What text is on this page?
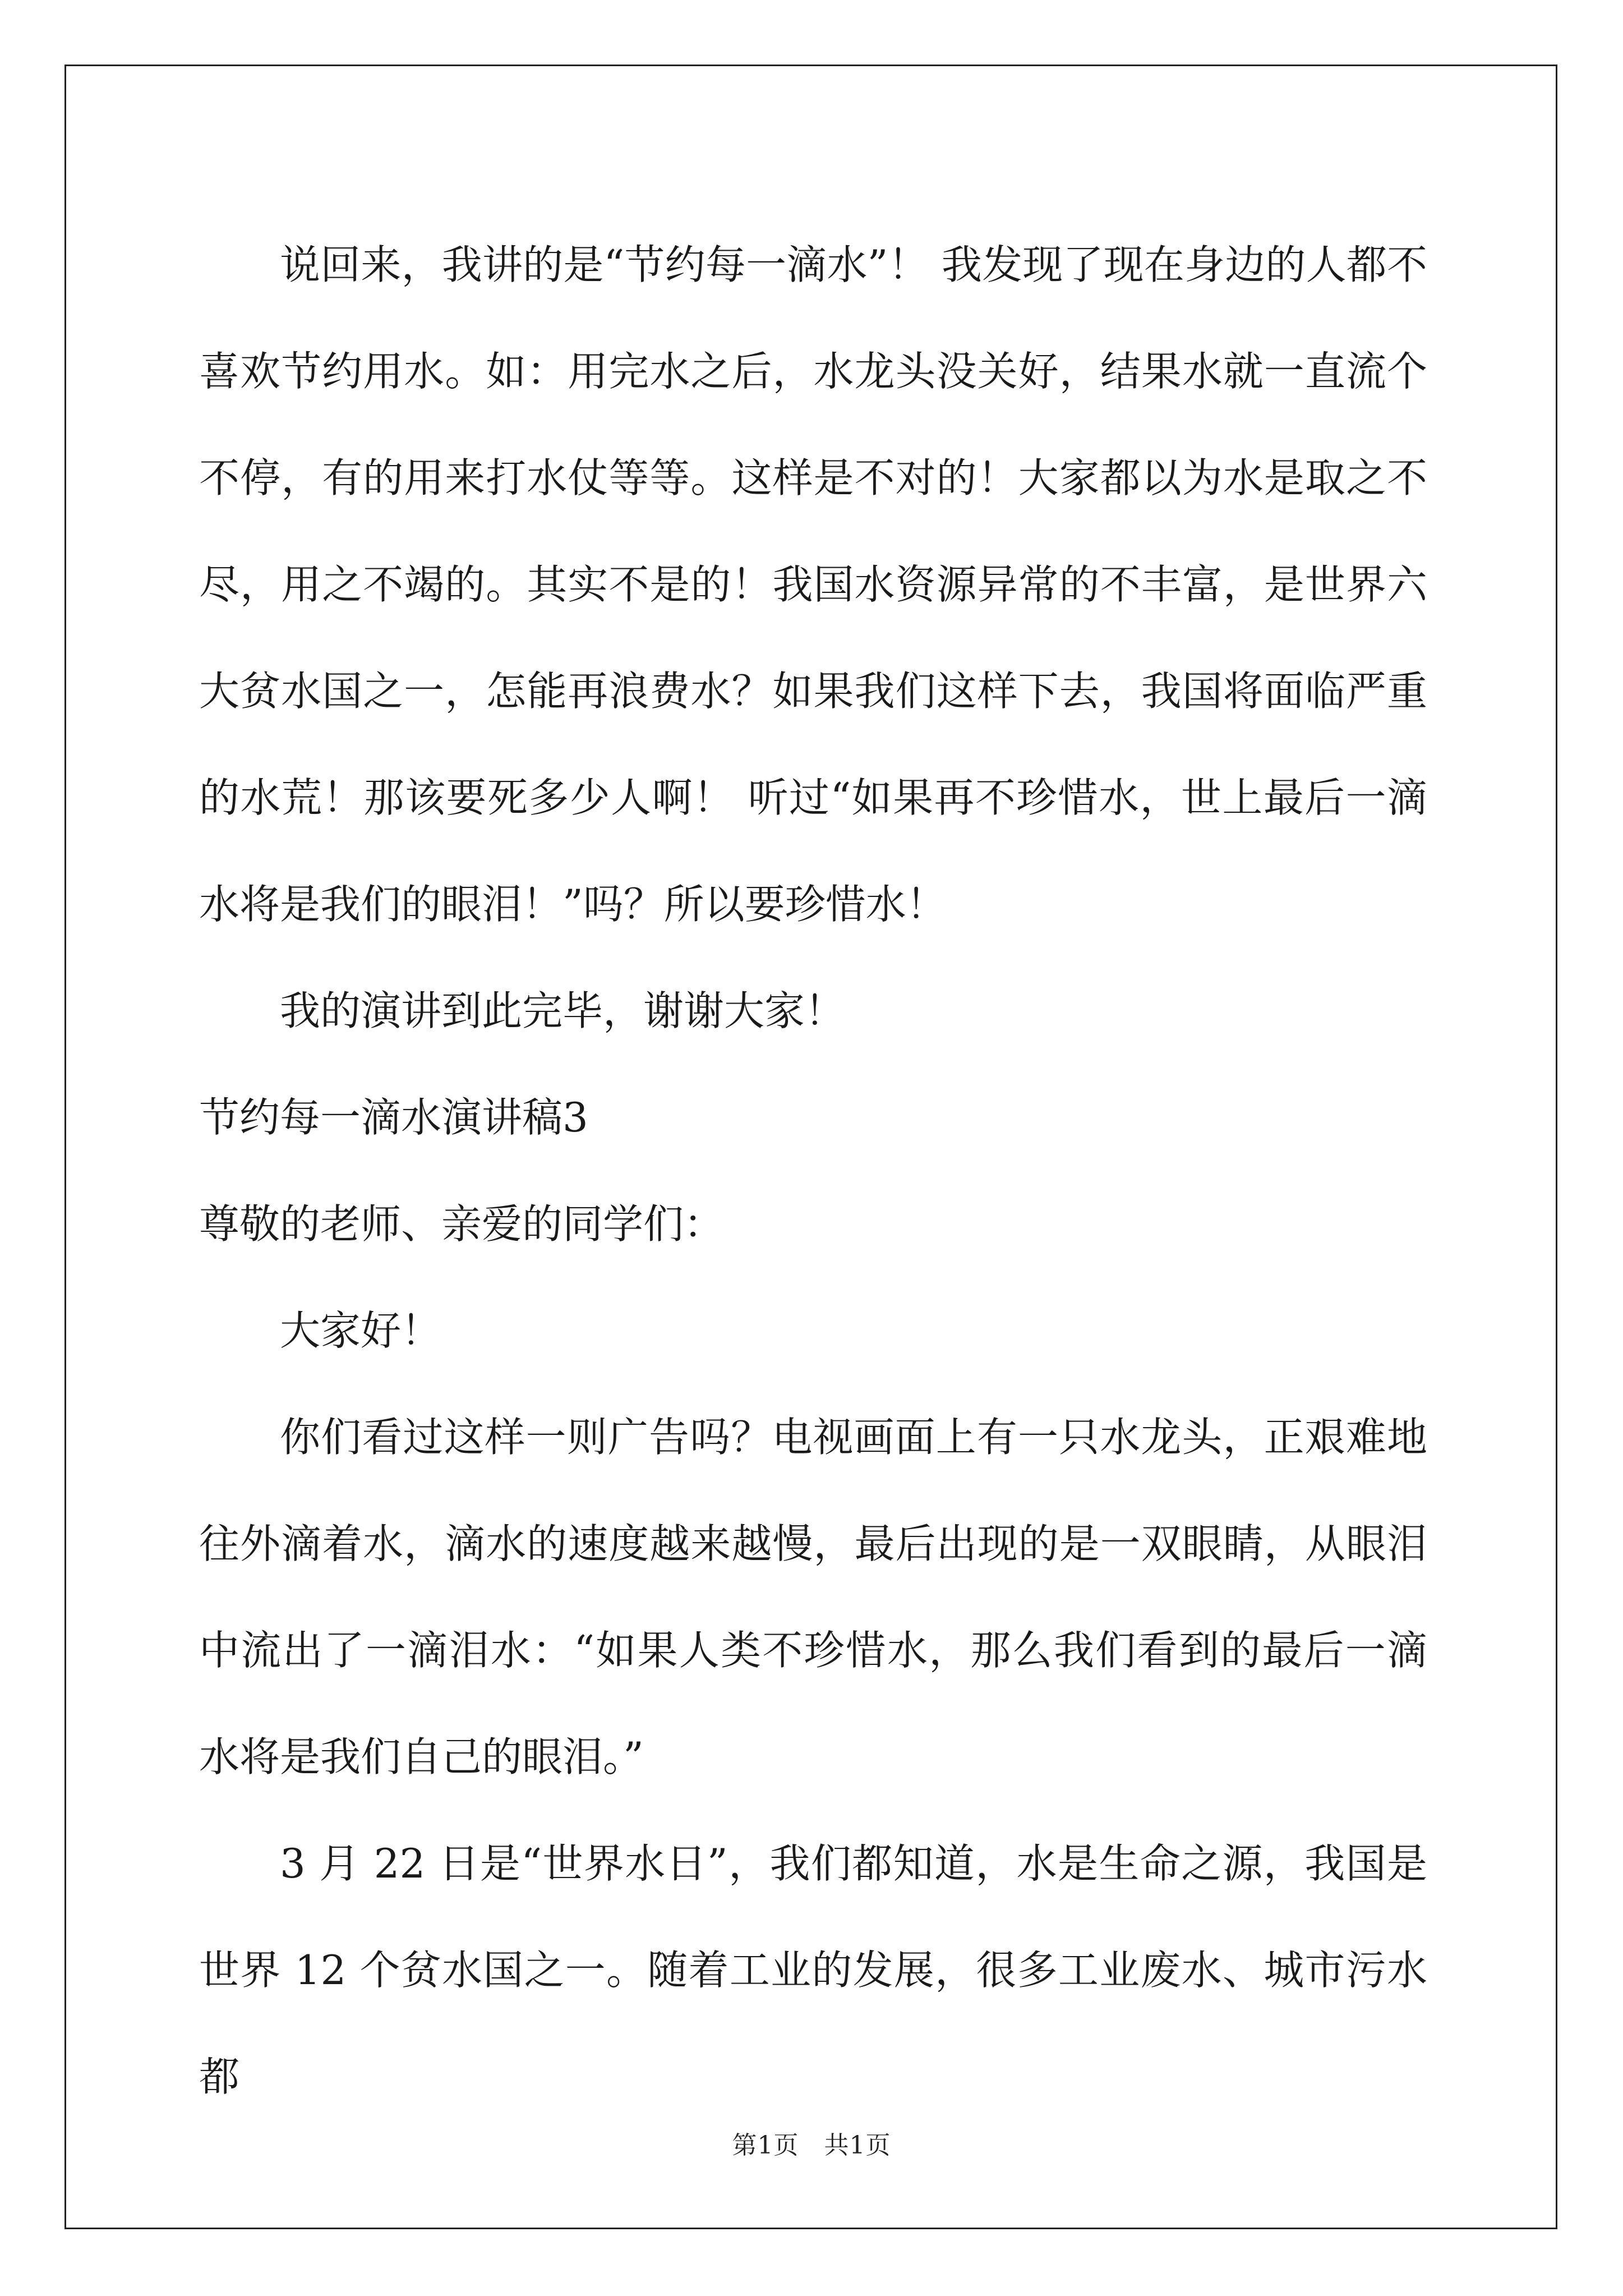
说回来，我讲的是“节约每一滴水”！ 我发现了现在身边的人都不喜欢节约用水。如：用完水之后，水龙头没关好，结果水就一直流个不停，有的用来打水仗等等。这样是不对的！大家都以为水是取之不尽，用之不竭的。其实不是的！我国水资源异常的不丰富，是世界六大贫水国之一，怎能再浪费水？如果我们这样下去，我国将面临严重的水荒！那该要死多少人啊！ 听过“如果再不珍惜水，世上最后一滴水将是我们的眼泪！”吗？所以要珍惜水！

我的演讲到此完毕，谢谢大家！

节约每一滴水演讲稿3

尊敬的老师、亲爱的同学们：

大家好！

你们看过这样一则广告吗？电视画面上有一只水龙头，正艰难地往外滴着水，滴水的速度越来越慢，最后出现的是一双眼睛，从眼泪中流出了一滴泪水：“如果人类不珍惜水，那么我们看到的最后一滴水将是我们自己的眼泪。”

3 月 22 日是“世界水日”，我们都知道，水是生命之源，我国是世界 12 个贫水国之一。随着工业的发展，很多工业废水、城市污水都

第1页 共1页
